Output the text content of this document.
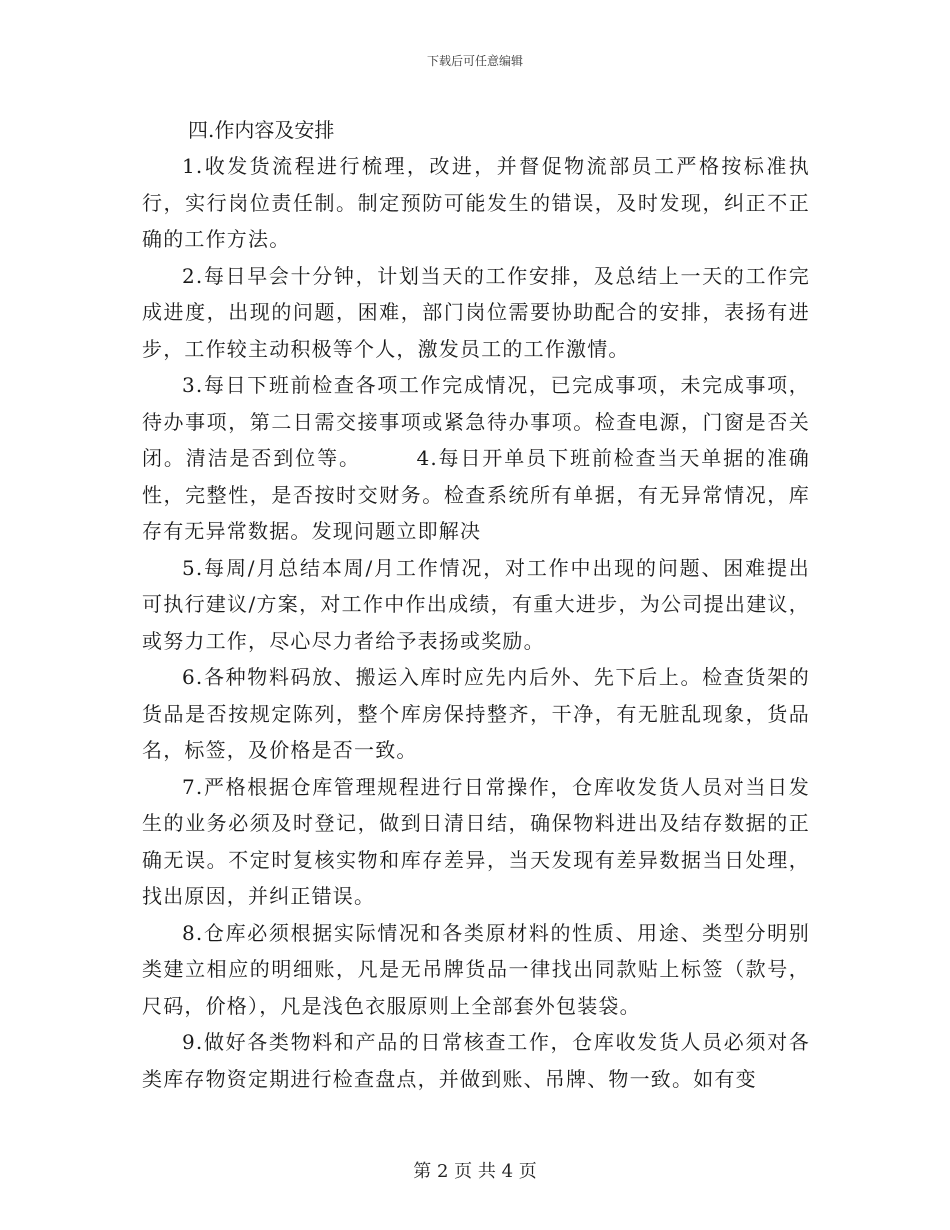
下载后可任意编辑
四.作内容及安排

1.收发货流程进行梳理，改进，并督促物流部员工严格按标准执行，实行岗位责任制。制定预防可能发生的错误，及时发现，纠正不正确的工作方法。

2.每日早会十分钟，计划当天的工作安排，及总结上一天的工作完成进度，出现的问题，困难，部门岗位需要协助配合的安排，表扬有进步，工作较主动积极等个人，激发员工的工作激情。

3.每日下班前检查各项工作完成情况，已完成事项，未完成事项，待办事项，第二日需交接事项或紧急待办事项。检查电源，门窗是否关闭。清洁是否到位等。　　　4.每日开单员下班前检查当天单据的准确性，完整性，是否按时交财务。检查系统所有单据，有无异常情况，库存有无异常数据。发现问题立即解决

5.每周/月总结本周/月工作情况，对工作中出现的问题、困难提出可执行建议/方案，对工作中作出成绩，有重大进步，为公司提出建议，或努力工作，尽心尽力者给予表扬或奖励。

6.各种物料码放、搬运入库时应先内后外、先下后上。检查货架的货品是否按规定陈列，整个库房保持整齐，干净，有无脏乱现象，货品名，标签，及价格是否一致。

7.严格根据仓库管理规程进行日常操作，仓库收发货人员对当日发生的业务必须及时登记，做到日清日结，确保物料进出及结存数据的正确无误。不定时复核实物和库存差异，当天发现有差异数据当日处理，找出原因，并纠正错误。

8.仓库必须根据实际情况和各类原材料的性质、用途、类型分明别类建立相应的明细账，凡是无吊牌货品一律找出同款贴上标签（款号，尺码，价格），凡是浅色衣服原则上全部套外包装袋。

9.做好各类物料和产品的日常核查工作，仓库收发货人员必须对各类库存物资定期进行检查盘点，并做到账、吊牌、物一致。如有变

第 2 页 共 4 页
